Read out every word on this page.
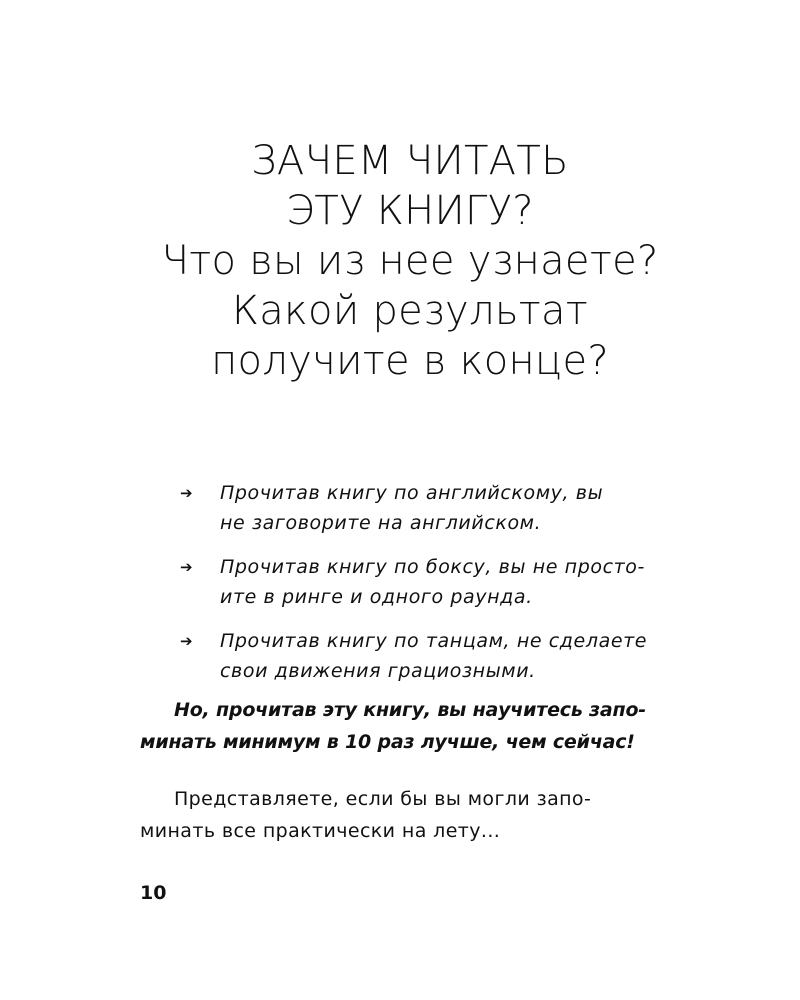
ЗАЧЕМ ЧИТАТЬ
ЭТУ КНИГУ?
Что вы из нее узнаете?
Какой результат
получите в конце?
➔ Прочитав книгу по английскому, вы
не заговорите на английском.
➔ Прочитав книгу по боксу, вы не просто-
ите в ринге и одного раунда.
➔ Прочитав книгу по танцам, не сделаете
свои движения грациозными.
Но, прочитав эту книгу, вы научитесь запо-
минать минимум в 10 раз лучше, чем сейчас!
Представляете, если бы вы могли запо-
минать все практически на лету...
10
